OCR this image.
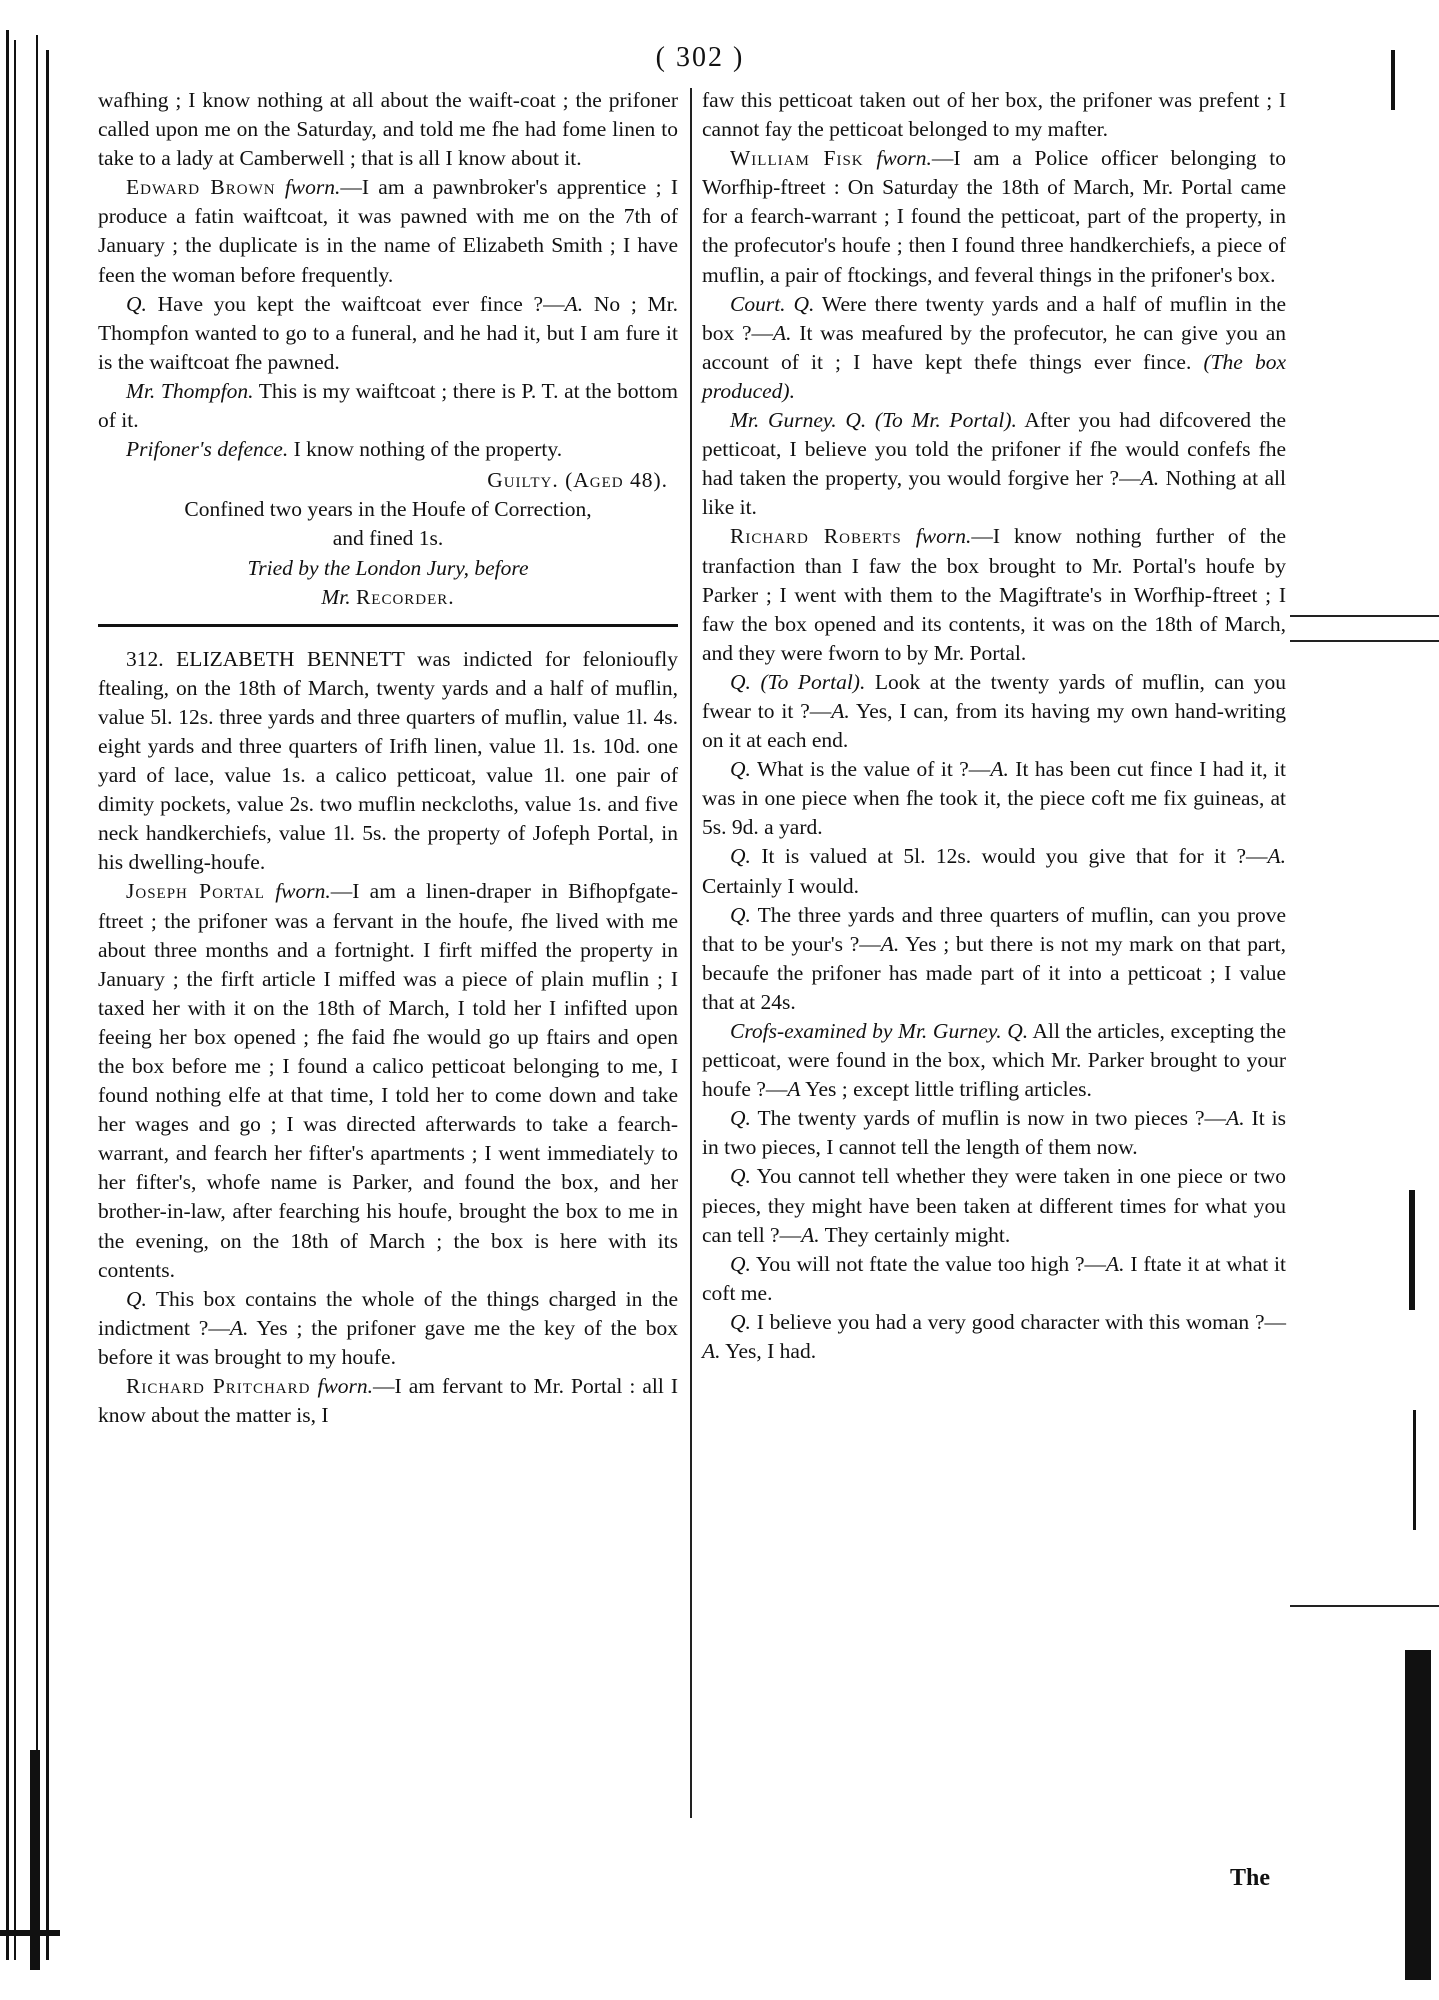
( 302 )

wafhing ; I know nothing at all about the waift-coat ; the prifoner called upon me on the Saturday, and told me fhe had fome linen to take to a lady at Camberwell ; that is all I know about it.

Edward Brown fworn.—I am a pawnbroker's apprentice ; I produce a fatin waiftcoat, it was pawned with me on the 7th of January ; the duplicate is in the name of Elizabeth Smith ; I have feen the woman before frequently.

Q. Have you kept the waiftcoat ever fince ?—A. No ; Mr. Thompfon wanted to go to a funeral, and he had it, but I am fure it is the waiftcoat fhe pawned.

Mr. Thompfon. This is my waiftcoat ; there is P. T. at the bottom of it.

Prifoner's defence. I know nothing of the property.

Guilty. (Aged 48).

Confined two years in the Houfe of Correction,

and fined 1s.

Tried by the London Jury, before

Mr. Recorder.

312. ELIZABETH BENNETT was indicted for felonioufly ftealing, on the 18th of March, twenty yards and a half of muflin, value 5l. 12s. three yards and three quarters of muflin, value 1l. 4s. eight yards and three quarters of Irifh linen, value 1l. 1s. 10d. one yard of lace, value 1s. a calico petticoat, value 1l. one pair of dimity pockets, value 2s. two muflin neckcloths, value 1s. and five neck handkerchiefs, value 1l. 5s. the property of Jofeph Portal, in his dwelling-houfe.

Joseph Portal fworn.—I am a linen-draper in Bifhopfgate-ftreet ; the prifoner was a fervant in the houfe, fhe lived with me about three months and a fortnight. I firft miffed the property in January ; the firft article I miffed was a piece of plain muflin ; I taxed her with it on the 18th of March, I told her I infifted upon feeing her box opened ; fhe faid fhe would go up ftairs and open the box before me ; I found a calico petticoat belonging to me, I found nothing elfe at that time, I told her to come down and take her wages and go ; I was directed afterwards to take a fearch-warrant, and fearch her fifter's apartments ; I went immediately to her fifter's, whofe name is Parker, and found the box, and her brother-in-law, after fearching his houfe, brought the box to me in the evening, on the 18th of March ; the box is here with its contents.

Q. This box contains the whole of the things charged in the indictment ?—A. Yes ; the prifoner gave me the key of the box before it was brought to my houfe.

Richard Pritchard fworn.—I am fervant to Mr. Portal : all I know about the matter is, I

faw this petticoat taken out of her box, the prifoner was prefent ; I cannot fay the petticoat belonged to my mafter.

William Fisk fworn.—I am a Police officer belonging to Worfhip-ftreet : On Saturday the 18th of March, Mr. Portal came for a fearch-warrant ; I found the petticoat, part of the property, in the profecutor's houfe ; then I found three handkerchiefs, a piece of muflin, a pair of ftockings, and feveral things in the prifoner's box.

Court. Q. Were there twenty yards and a half of muflin in the box ?—A. It was meafured by the profecutor, he can give you an account of it ; I have kept thefe things ever fince. (The box produced).

Mr. Gurney. Q. (To Mr. Portal). After you had difcovered the petticoat, I believe you told the prifoner if fhe would confefs fhe had taken the property, you would forgive her ?—A. Nothing at all like it.

Richard Roberts fworn.—I know nothing further of the tranfaction than I faw the box brought to Mr. Portal's houfe by Parker ; I went with them to the Magiftrate's in Worfhip-ftreet ; I faw the box opened and its contents, it was on the 18th of March, and they were fworn to by Mr. Portal.

Q. (To Portal). Look at the twenty yards of muflin, can you fwear to it ?—A. Yes, I can, from its having my own hand-writing on it at each end.

Q. What is the value of it ?—A. It has been cut fince I had it, it was in one piece when fhe took it, the piece coft me fix guineas, at 5s. 9d. a yard.

Q. It is valued at 5l. 12s. would you give that for it ?—A. Certainly I would.

Q. The three yards and three quarters of muflin, can you prove that to be your's ?—A. Yes ; but there is not my mark on that part, becaufe the prifoner has made part of it into a petticoat ; I value that at 24s.

Crofs-examined by Mr. Gurney. Q. All the articles, excepting the petticoat, were found in the box, which Mr. Parker brought to your houfe ?—A Yes ; except little trifling articles.

Q. The twenty yards of muflin is now in two pieces ?—A. It is in two pieces, I cannot tell the length of them now.

Q. You cannot tell whether they were taken in one piece or two pieces, they might have been taken at different times for what you can tell ?—A. They certainly might.

Q. You will not ftate the value too high ?—A. I ftate it at what it coft me.

Q. I believe you had a very good character with this woman ?—A. Yes, I had.

The
